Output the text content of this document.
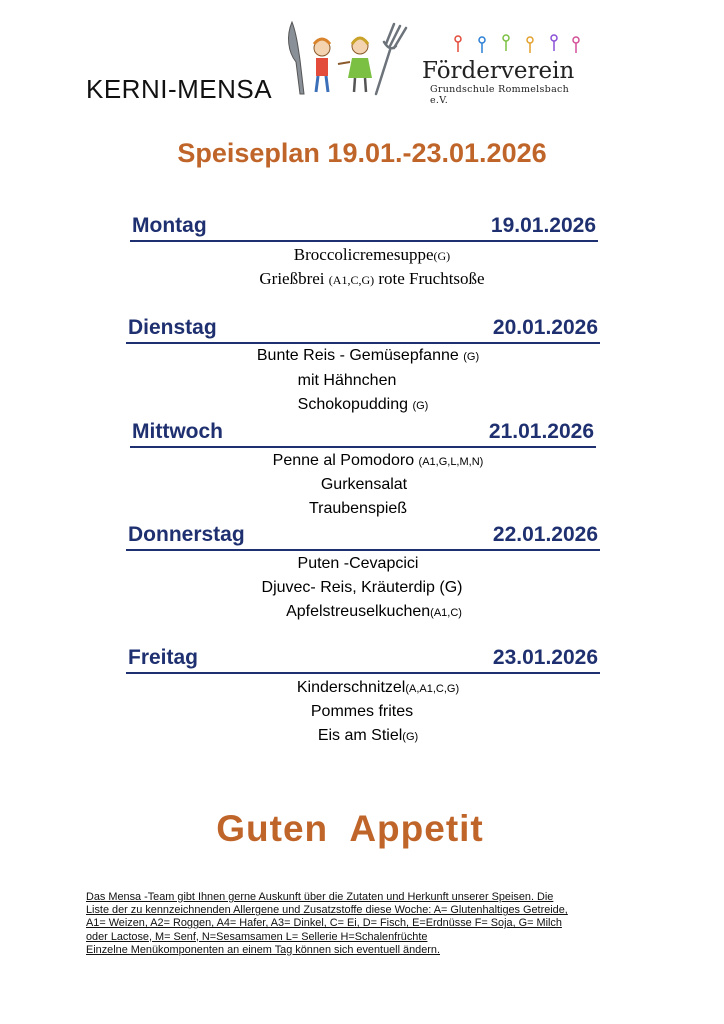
KERNI-MENSA
Förderverein
Grundschule Rommelsbach e.V.
Speiseplan 19.01.-23.01.2026
Montag	19.01.2026
Broccolicremesuppe(G)
Grießbrei (A1,C,G) rote Fruchtsoße
Dienstag	20.01.2026
Bunte Reis - Gemüsepfanne (G)
mit Hähnchen
Schokopudding (G)
Mittwoch	21.01.2026
Penne al Pomodoro (A1,G,L,M,N)
Gurkensalat
Traubenspieß
Donnerstag	22.01.2026
Puten -Cevapcici
Djuvec- Reis, Kräuterdip (G)
Apfelstreuselkuchen(A1,C)
Freitag	23.01.2026
Kinderschnitzel(A,A1,C,G)
Pommes frites
Eis am Stiel(G)
Guten  Appetit
Das Mensa -Team gibt Ihnen gerne Auskunft über die Zutaten und Herkunft unserer Speisen. Die
Liste der zu kennzeichnenden Allergene und Zusatzstoffe diese Woche: A= Glutenhaltiges Getreide,
A1= Weizen, A2= Roggen, A4= Hafer, A3= Dinkel, C= Ei, D= Fisch, E=Erdnüsse F= Soja, G= Milch
oder Lactose, M= Senf, N=Sesamsamen L= Sellerie H=Schalenfrüchte
Einzelne Menükomponenten an einem Tag können sich eventuell ändern.
